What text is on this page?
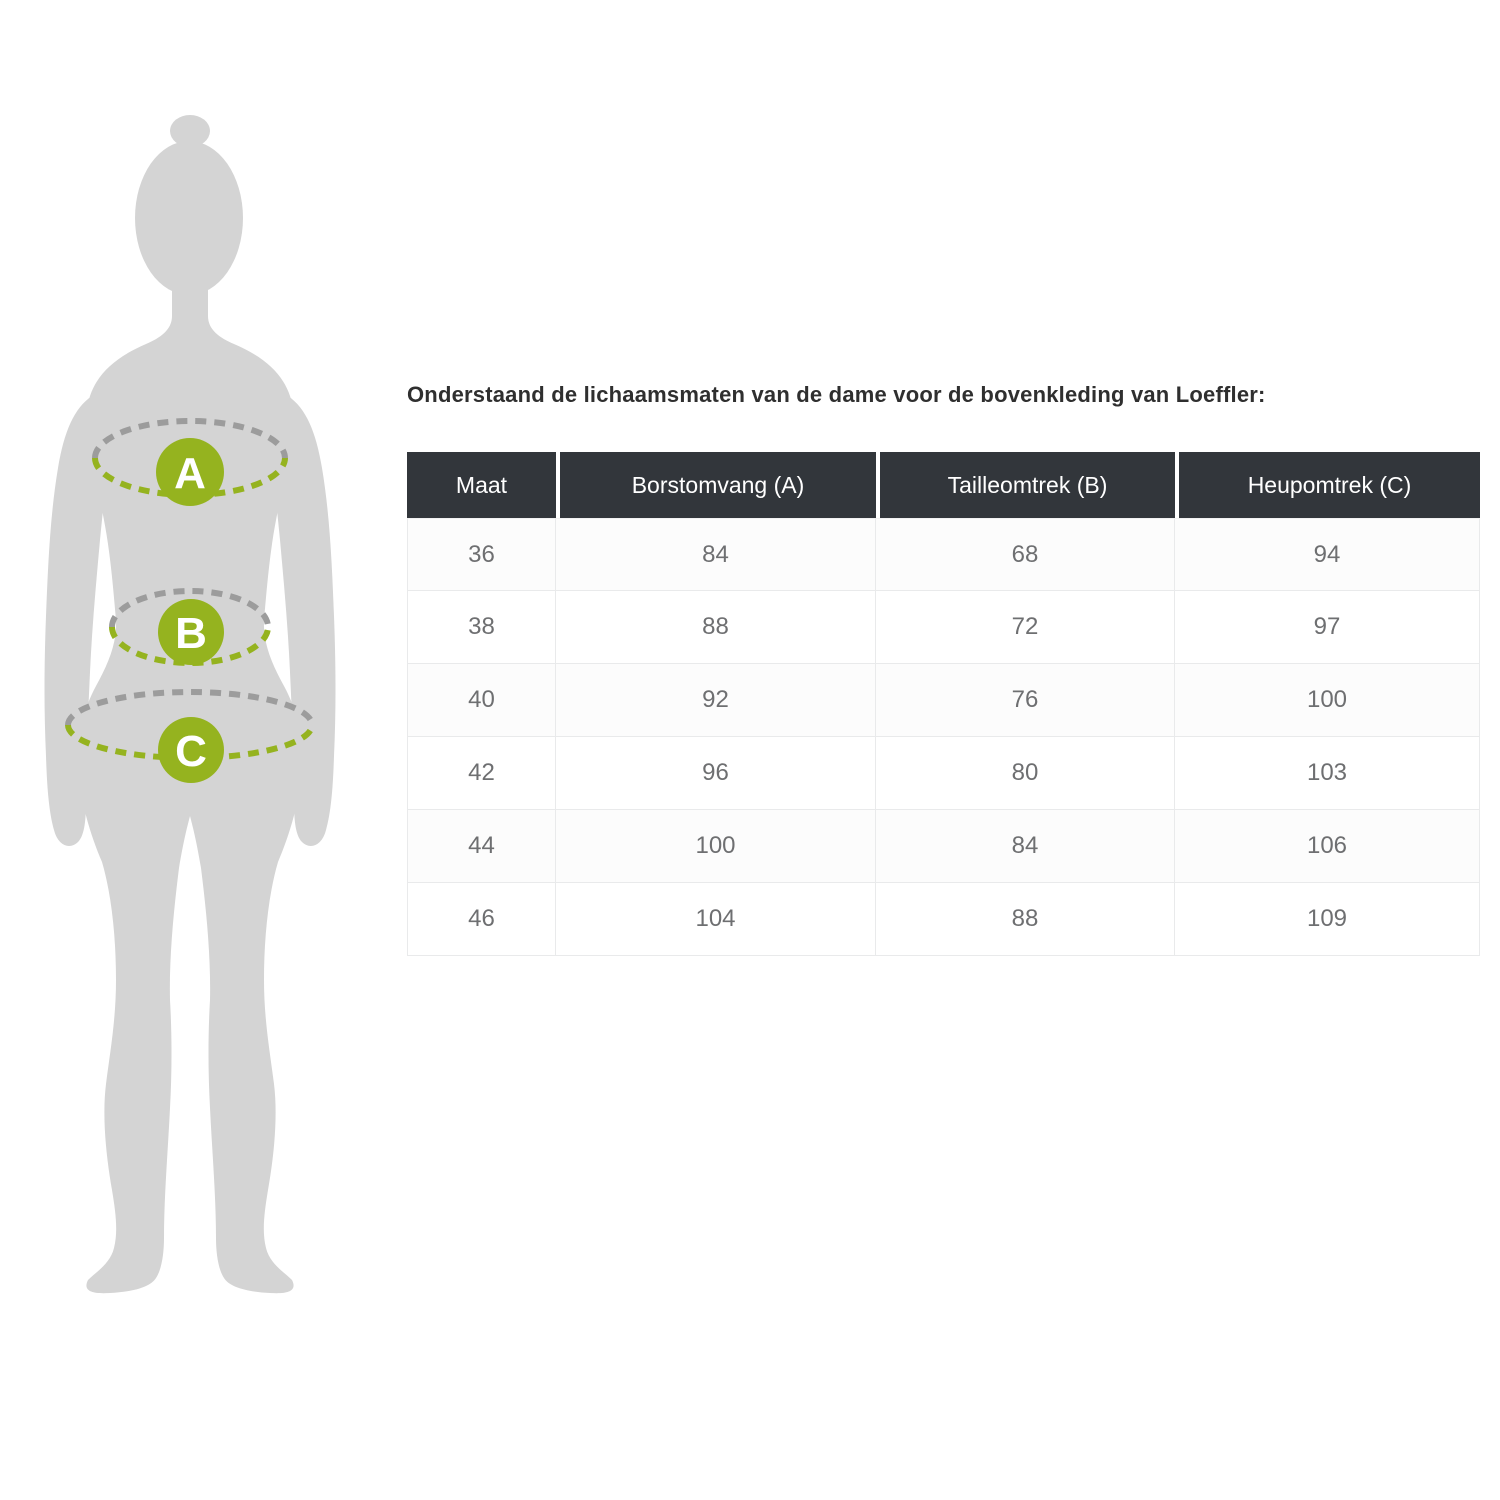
A
B
C

Onderstaand de lichaamsmaten van de dame voor de bovenkleding van Loeffler:

Maat	Borstomvang (A)	Tailleomtrek (B)	Heupomtrek (C)
36	84	68	94
38	88	72	97
40	92	76	100
42	96	80	103
44	100	84	106
46	104	88	109
